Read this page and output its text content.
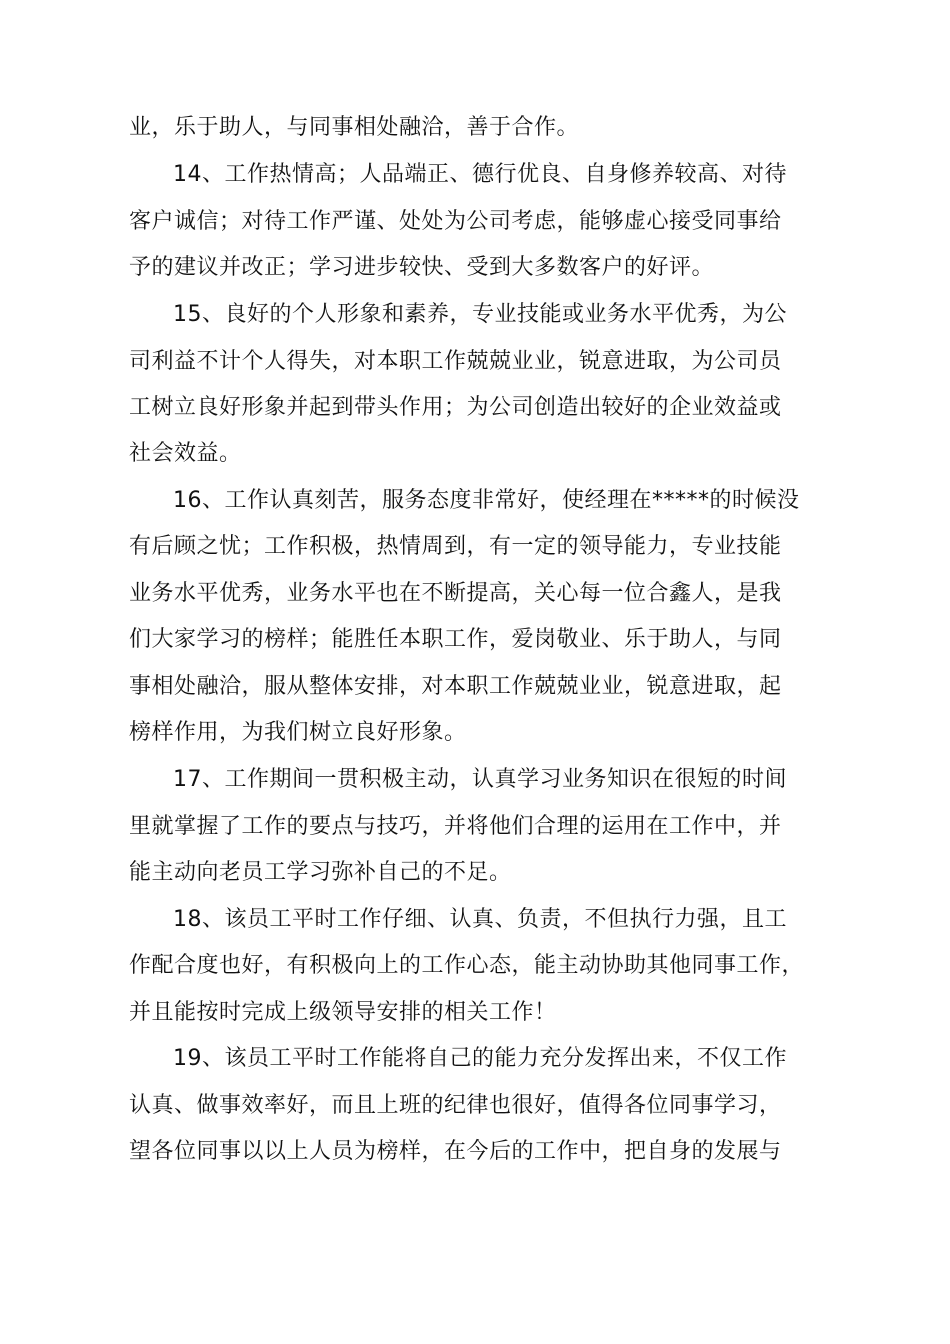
业，乐于助人，与同事相处融洽，善于合作。
14、工作热情高；人品端正、德行优良、自身修养较高、对待
客户诚信；对待工作严谨、处处为公司考虑，能够虚心接受同事给
予的建议并改正；学习进步较快、受到大多数客户的好评。
15、良好的个人形象和素养，专业技能或业务水平优秀，为公
司利益不计个人得失，对本职工作兢兢业业，锐意进取，为公司员
工树立良好形象并起到带头作用；为公司创造出较好的企业效益或
社会效益。
16、工作认真刻苦，服务态度非常好，使经理在*****的时候没
有后顾之忧；工作积极，热情周到，有一定的领导能力，专业技能
业务水平优秀，业务水平也在不断提高，关心每一位合鑫人，是我
们大家学习的榜样；能胜任本职工作，爱岗敬业、乐于助人，与同
事相处融洽，服从整体安排，对本职工作兢兢业业，锐意进取，起
榜样作用，为我们树立良好形象。
17、工作期间一贯积极主动，认真学习业务知识在很短的时间
里就掌握了工作的要点与技巧，并将他们合理的运用在工作中，并
能主动向老员工学习弥补自己的不足。
18、该员工平时工作仔细、认真、负责，不但执行力强，且工
作配合度也好，有积极向上的工作心态，能主动协助其他同事工作，
并且能按时完成上级领导安排的相关工作！
19、该员工平时工作能将自己的能力充分发挥出来，不仅工作
认真、做事效率好，而且上班的纪律也很好，值得各位同事学习，
望各位同事以以上人员为榜样，在今后的工作中，把自身的发展与
